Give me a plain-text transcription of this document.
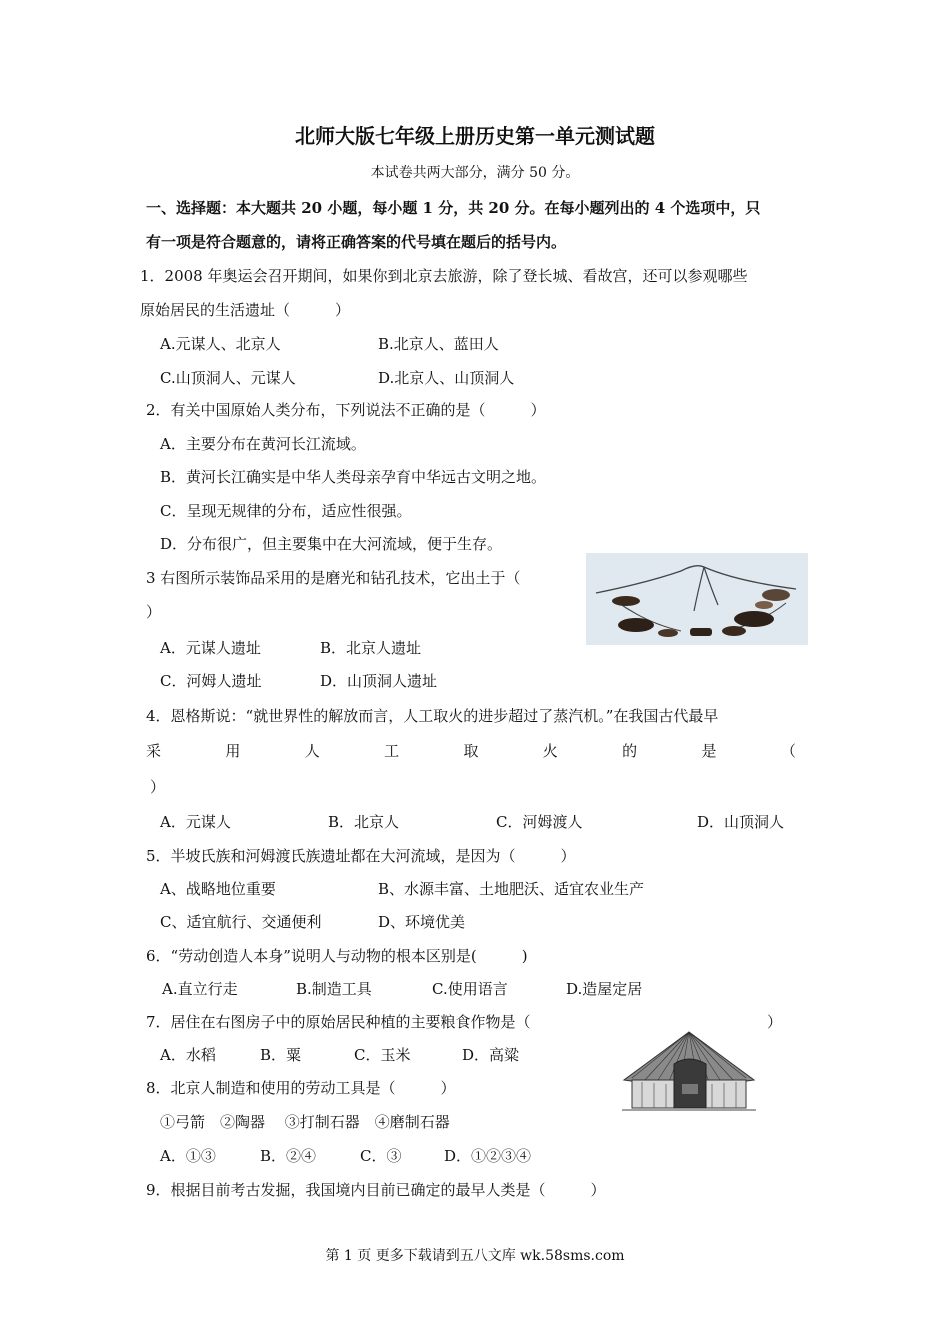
北师大版七年级上册历史第一单元测试题
本试卷共两大部分，满分 50 分。
一、选择题：本大题共 20 小题，每小题 1 分，共 20 分。在每小题列出的 4 个选项中，只
有一项是符合题意的，请将正确答案的代号填在题后的括号内。
1．2008 年奥运会召开期间，如果你到北京去旅游，除了登长城、看故宫，还可以参观哪些
原始居民的生活遗址（　　　）
A.元谋人、北京人	B.北京人、蓝田人
C.山顶洞人、元谋人	D.北京人、山顶洞人
2．有关中国原始人类分布，下列说法不正确的是（　　　）
A．主要分布在黄河长江流域。
B．黄河长江确实是中华人类母亲孕育中华远古文明之地。
C．呈现无规律的分布，适应性很强。
D．分布很广，但主要集中在大河流域，便于生存。
3 右图所示装饰品采用的是磨光和钻孔技术，它出土于（
）
A．元谋人遗址	B．北京人遗址
C．河姆人遗址	D．山顶洞人遗址
4．恩格斯说：“就世界性的解放而言，人工取火的进步超过了蒸汽机。”在我国古代最早
采	用	人	工	取	火	的	是	（
）
A．元谋人	B．北京人	C．河姆渡人	D．山顶洞人
5．半坡氏族和河姆渡氏族遗址都在大河流域，是因为（　　　）
A、战略地位重要	B、水源丰富、土地肥沃、适宜农业生产
C、适宜航行、交通便利	D、环境优美
6．“劳动创造人本身”说明人与动物的根本区别是(　　　)
A.直立行走	B.制造工具	C.使用语言	D.造屋定居
7．居住在右图房子中的原始居民种植的主要粮食作物是（	）
A．水稻	B．粟	C．玉米	D．高粱
8．北京人制造和使用的劳动工具是（　　　）
①弓箭　②陶器　 ③打制石器　④磨制石器
A．①③	B．②④	C．③	D．①②③④
9．根据目前考古发掘，我国境内目前已确定的最早人类是（　　　）
第 1 页 更多下载请到五八文库 wk.58sms.com
